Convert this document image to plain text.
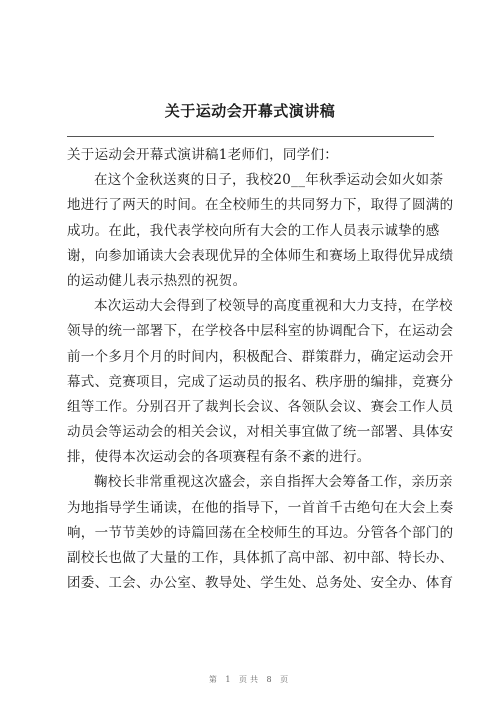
关于运动会开幕式演讲稿
关于运动会开幕式演讲稿1老师们，同学们：
在这个金秋送爽的日子，我校20__年秋季运动会如火如荼
地进行了两天的时间。在全校师生的共同努力下，取得了圆满的
成功。在此，我代表学校向所有大会的工作人员表示诚挚的感
谢，向参加诵读大会表现优异的全体师生和赛场上取得优异成绩
的运动健儿表示热烈的祝贺。
本次运动大会得到了校领导的高度重视和大力支持，在学校
领导的统一部署下，在学校各中层科室的协调配合下，在运动会
前一个多月个月的时间内，积极配合、群策群力，确定运动会开
幕式、竞赛项目，完成了运动员的报名、秩序册的编排，竞赛分
组等工作。分别召开了裁判长会议、各领队会议、赛会工作人员
动员会等运动会的相关会议，对相关事宜做了统一部署、具体安
排，使得本次运动会的各项赛程有条不紊的进行。
鞠校长非常重视这次盛会，亲自指挥大会筹备工作，亲历亲
为地指导学生诵读，在他的指导下，一首首千古绝句在大会上奏
响，一节节美妙的诗篇回荡在全校师生的耳边。分管各个部门的
副校长也做了大量的工作，具体抓了高中部、初中部、特长办、
团委、工会、办公室、教导处、学生处、总务处、安全办、体育
第 1 页共 8 页
